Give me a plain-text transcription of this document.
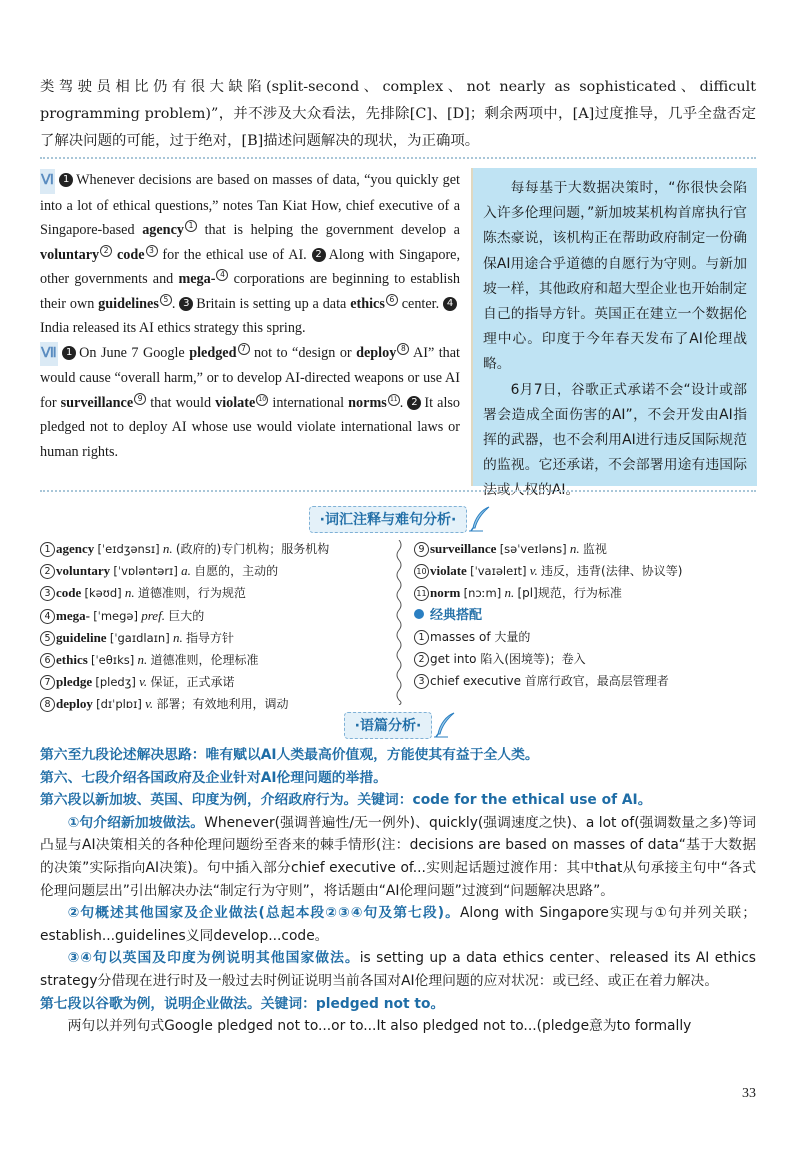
类驾驶员相比仍有很大缺陷(split-second、complex、not nearly as sophisticated、difficult programming problem)”，并不涉及大众看法，先排除[C]、[D]；剩余两项中，[A]过度推导，几乎全盘否定了解决问题的可能，过于绝对，[B]描述问题解决的现状，为正确项。

Ⅵ 1 Whenever decisions are based on masses of data, “you quickly get into a lot of ethical questions,” notes Tan Kiat How, chief executive of a Singapore-based agency 1 that is helping the government develop a voluntary 2 code 3 for the ethical use of AI. 2 Along with Singapore, other governments and mega- 4 corporations are beginning to establish their own guidelines 5 . 3 Britain is setting up a data ethics 6 center. 4India released its AI ethics strategy this spring.

Ⅶ 1 On June 7 Google pledged 7 not to “design or deploy 8 AI” that would cause “overall harm,” or to develop AI-directed weapons or use AI for surveillance 9 that would violate 10 international norms 11 . 2 It also pledged not to deploy AI whose use would violate international laws or human rights.

每每基于大数据决策时，“你很快会陷入许多伦理问题，”新加坡某机构首席执行官陈杰豪说，该机构正在帮助政府制定一份确保AI用途合乎道德的自愿行为守则。与新加坡一样，其他政府和超大型企业也开始制定自己的指导方针。英国正在建立一个数据伦理中心。印度于今年春天发布了AI伦理战略。

6月7日，谷歌正式承诺不会“设计或部署会造成全面伤害的AI”，不会开发由AI指挥的武器，也不会利用AI进行违反国际规范的监视。它还承诺，不会部署用途有违国际法或人权的AI。

·词汇注释与难句分析·
1 agency [ˈeɪdʒənsɪ] n. (政府的)专门机构；服务机构
2 voluntary [ˈvɒləntərɪ] a. 自愿的，主动的
3 code [kəʊd] n. 道德准则，行为规范
4 mega- [ˈmegə] pref. 巨大的
5 guideline [ˈgaɪdlaɪn] n. 指导方针
6 ethics [ˈeθɪks] n. 道德准则，伦理标准
7 pledge [pledʒ] v. 保证，正式承诺
8 deploy [dɪˈplɒɪ] v. 部署；有效地利用，调动
9 surveillance [səˈveɪləns] n. 监视
10 violate [ˈvaɪəleɪt] v. 违反，违背(法律、协议等)
11 norm [nɔːm] n. [pl]规范，行为标准
经典搭配
1 masses of 大量的
2 get into 陷入(困境等)；卷入
3 chief executive 首席行政官，最高层管理者
·语篇分析·

第六至九段论述解决思路：唯有赋以AI人类最高价值观，方能使其有益于全人类。

第六、七段介绍各国政府及企业针对AI伦理问题的举措。

第六段以新加坡、英国、印度为例，介绍政府行为。关键词：code for the ethical use of AI。

①句介绍新加坡做法。Whenever(强调普遍性/无一例外)、quickly(强调速度之快)、a lot of(强调数量之多)等词凸显与AI决策相关的各种伦理问题纷至沓来的棘手情形(注：decisions are based on masses of data“基于大数据的决策”实际指向AI决策)。句中插入部分chief executive of...实则起话题过渡作用：其中that从句承接主句中“各式伦理问题层出”引出解决办法“制定行为守则”，将话题由“AI伦理问题”过渡到“问题解决思路”。

②句概述其他国家及企业做法(总起本段②③④句及第七段)。Along with Singapore实现与①句并列关联；establish...guidelines义同develop...code。

③④句以英国及印度为例说明其他国家做法。is setting up a data ethics center、released its AI ethics strategy分借现在进行时及一般过去时例证说明当前各国对AI伦理问题的应对状况：或已经、或正在着力解决。

第七段以谷歌为例，说明企业做法。关键词：pledged not to。

两句以并列句式Google pledged not to...or to...It also pledged not to...(pledge意为to formally

33
